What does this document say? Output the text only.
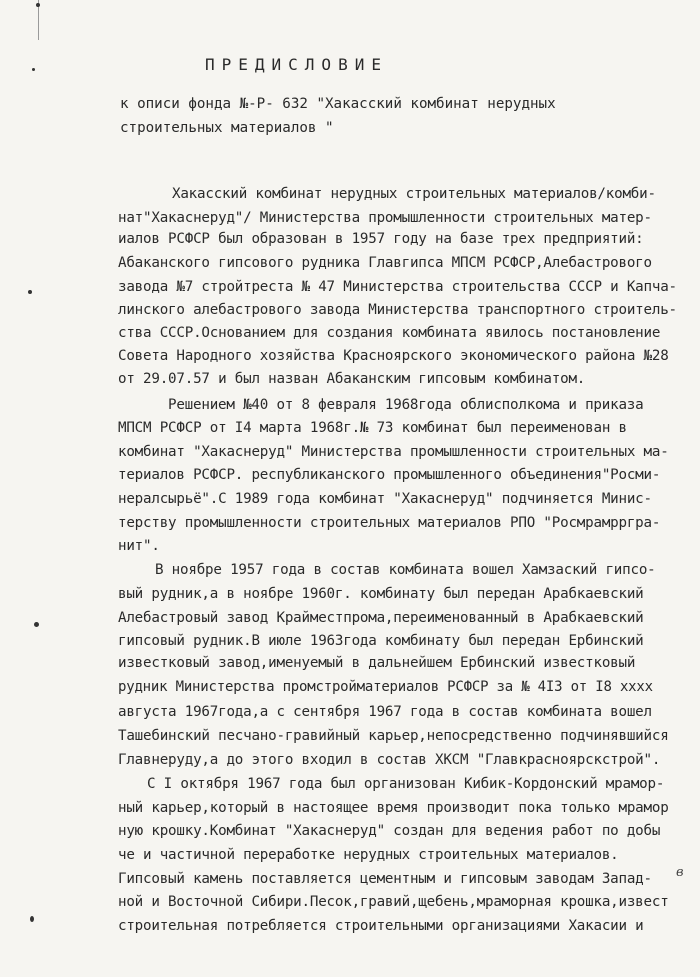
ПРЕДИСЛОВИЕ
к описи фонда №-Р- 632 "Хакасский комбинат нерудных
строительных материалов "
Хакасский комбинат нерудных строительных материалов/комби-
нат"Хакаснеруд"/ Министерства промышленности строительных матер-
иалов РСФСР был образован в 1957 году на базе трех предприятий:
Абаканского гипсового рудника Главгипса МПСМ РСФСР,Алебастрового
завода №7 стройтреста № 47 Министерства строительства СССР и Капча-
линского алебастрового завода Министерства транспортного строитель-
ства СССР.Основанием для создания комбината явилось постановление
Совета Народного хозяйства Красноярского экономического района №28
от 29.07.57 и был назван Абаканским гипсовым комбинатом.
Решением №40 от 8 февраля 1968года облисполкома и приказа
МПСМ РСФСР от I4 марта 1968г.№ 73 комбинат был переименован в
комбинат "Хакаснеруд" Министерства промышленности строительных ма-
териалов РСФСР. республиканского промышленного объединения"Росми-
нералсырьё".С 1989 года комбинат "Хакаснеруд" подчиняется Минис-
терству промышленности строительных материалов РПО "Росмрамрргра-
нит".
В ноябре 1957 года в состав комбината вошел Хамзаский гипсо-
вый рудник,а в ноябре 1960г. комбинату был передан Арабкаевский
Алебастровый завод Крайместпрома,переименованный в Арабкаевский
гипсовый рудник.В июле 1963года комбинату был передан Ербинский
известковый завод,именуемый в дальнейшем Ербинский известковый
рудник Министерства промстройматериалов РСФСР за № 4I3 от I8 xxxx
августа 1967года,а с сентября 1967 года в состав комбината вошел
Ташебинский песчано-гравийный карьер,непосредственно подчинявшийся
Главнеруду,а до этого входил в состав ХКСМ "Главкрасноярскстрой".
С I октября 1967 года был организован Кибик-Кордонский мрамор-
ный карьер,который в настоящее время производит пока только мрамор
ную крошку.Комбинат "Хакаснеруд" создан для ведения работ по добы
че и частичной переработке нерудных строительных материалов.
Гипсовый камень поставляется цементным и гипсовым заводам Запад-
ной и Восточной Сибири.Песок,гравий,щебень,мраморная крошка,извест
строительная потребляется строительными организациями Хакасии и
в
